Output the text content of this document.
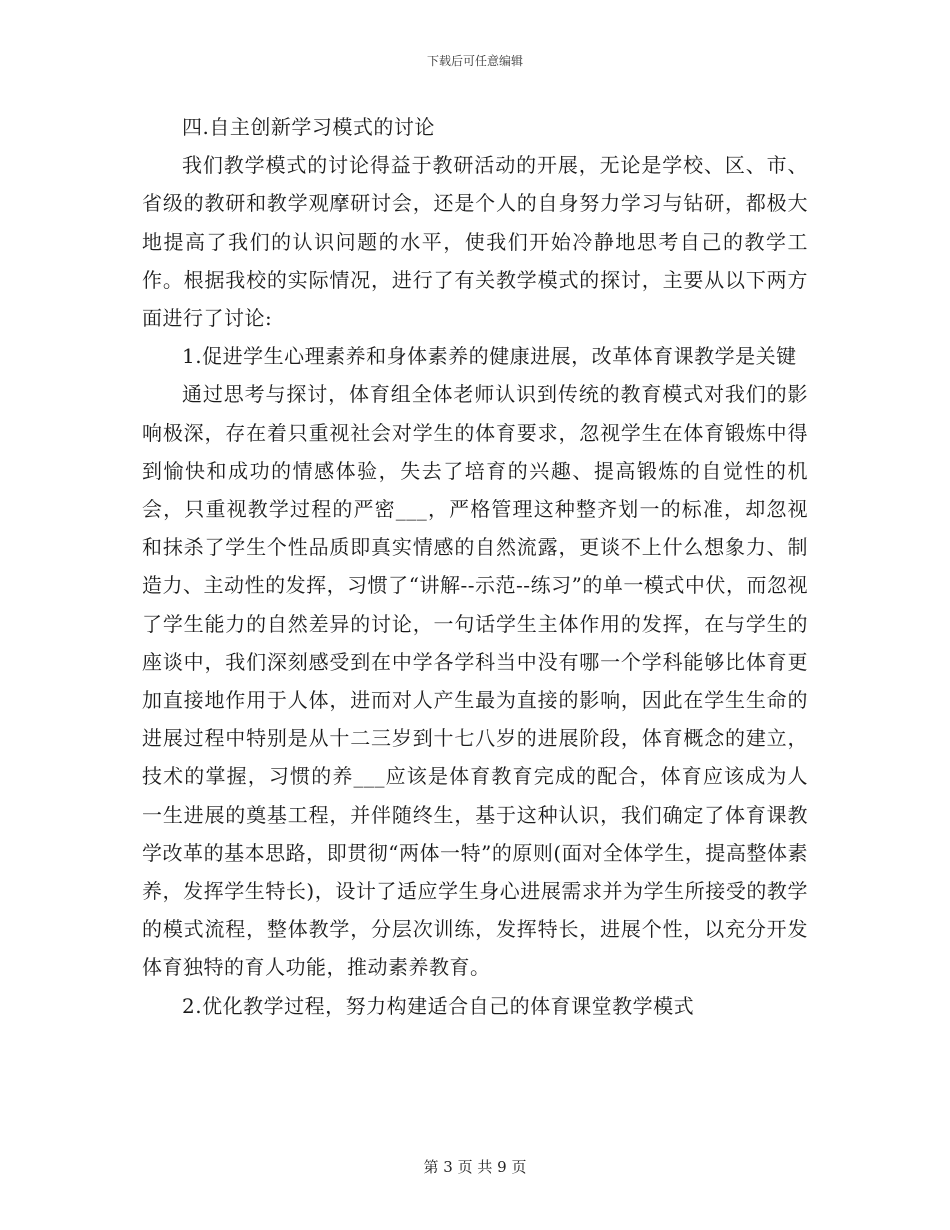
下载后可任意编辑

四.自主创新学习模式的讨论

我们教学模式的讨论得益于教研活动的开展，无论是学校、区、市、省级的教研和教学观摩研讨会，还是个人的自身努力学习与钻研，都极大地提高了我们的认识问题的水平，使我们开始冷静地思考自己的教学工作。根据我校的实际情况，进行了有关教学模式的探讨，主要从以下两方面进行了讨论:

1.促进学生心理素养和身体素养的健康进展，改革体育课教学是关键

通过思考与探讨，体育组全体老师认识到传统的教育模式对我们的影响极深，存在着只重视社会对学生的体育要求，忽视学生在体育锻炼中得到愉快和成功的情感体验，失去了培育的兴趣、提高锻炼的自觉性的机会，只重视教学过程的严密___，严格管理这种整齐划一的标准，却忽视和抹杀了学生个性品质即真实情感的自然流露，更谈不上什么想象力、制造力、主动性的发挥，习惯了“讲解--示范--练习”的单一模式中伏，而忽视了学生能力的自然差异的讨论，一句话学生主体作用的发挥，在与学生的座谈中，我们深刻感受到在中学各学科当中没有哪一个学科能够比体育更加直接地作用于人体，进而对人产生最为直接的影响，因此在学生生命的进展过程中特别是从十二三岁到十七八岁的进展阶段，体育概念的建立，技术的掌握，习惯的养___应该是体育教育完成的配合，体育应该成为人一生进展的奠基工程，并伴随终生，基于这种认识，我们确定了体育课教学改革的基本思路，即贯彻“两体一特”的原则(面对全体学生，提高整体素养，发挥学生特长)，设计了适应学生身心进展需求并为学生所接受的教学的模式流程，整体教学，分层次训练，发挥特长，进展个性，以充分开发体育独特的育人功能，推动素养教育。

2.优化教学过程，努力构建适合自己的体育课堂教学模式

第 3 页 共 9 页
